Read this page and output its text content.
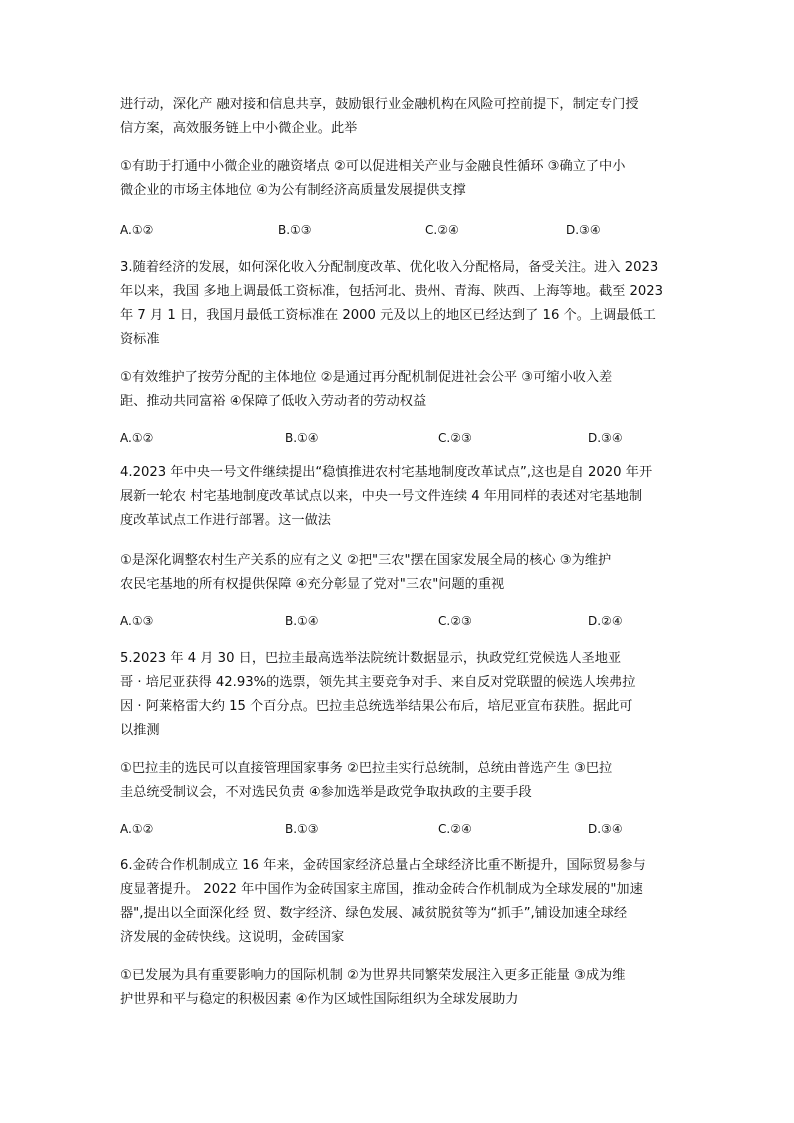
进行动，深化产 融对接和信息共享，鼓励银行业金融机构在风险可控前提下，制定专门授
信方案，高效服务链上中小微企业。此举

①有助于打通中小微企业的融资堵点 ②可以促进相关产业与金融良性循环 ③确立了中小
微企业的市场主体地位 ④为公有制经济高质量发展提供支撑

A.①②	B.①③	C.②④	D.③④

3.随着经济的发展，如何深化收入分配制度改革、优化收入分配格局，备受关注。进入 2023
年以来，我国 多地上调最低工资标准，包括河北、贵州、青海、陕西、上海等地。截至 2023
年 7 月 1 日，我国月最低工资标准在 2000 元及以上的地区已经达到了 16 个。上调最低工
资标准

①有效维护了按劳分配的主体地位 ②是通过再分配机制促进社会公平 ③可缩小收入差
距、推动共同富裕 ④保障了低收入劳动者的劳动权益

A.①②	B.①④	C.②③	D.③④

4.2023 年中央一号文件继续提出“稳慎推进农村宅基地制度改革试点”,这也是自 2020 年开
展新一轮农 村宅基地制度改革试点以来，中央一号文件连续 4 年用同样的表述对宅基地制
度改革试点工作进行部署。这一做法

①是深化调整农村生产关系的应有之义 ②把"三农"摆在国家发展全局的核心 ③为维护
农民宅基地的所有权提供保障 ④充分彰显了党对"三农"问题的重视

A.①③	B.①④	C.②③	D.②④

5.2023 年 4 月 30 日，巴拉圭最高选举法院统计数据显示，执政党红党候选人圣地亚
哥 · 培尼亚获得 42.93%的选票，领先其主要竞争对手、来自反对党联盟的候选人埃弗拉
因 · 阿莱格雷大约 15 个百分点。巴拉圭总统选举结果公布后，培尼亚宣布获胜。据此可
以推测

①巴拉圭的选民可以直接管理国家事务 ②巴拉圭实行总统制，总统由普选产生 ③巴拉
圭总统受制议会，不对选民负责 ④参加选举是政党争取执政的主要手段

A.①②	B.①③	C.②④	D.③④

6.金砖合作机制成立 16 年来，金砖国家经济总量占全球经济比重不断提升，国际贸易参与
度显著提升。 2022 年中国作为金砖国家主席国，推动金砖合作机制成为全球发展的"加速
器",提出以全面深化经 贸、数字经济、绿色发展、减贫脱贫等为“抓手”,铺设加速全球经
济发展的金砖快线。这说明，金砖国家

①已发展为具有重要影响力的国际机制 ②为世界共同繁荣发展注入更多正能量 ③成为维
护世界和平与稳定的积极因素 ④作为区域性国际组织为全球发展助力
